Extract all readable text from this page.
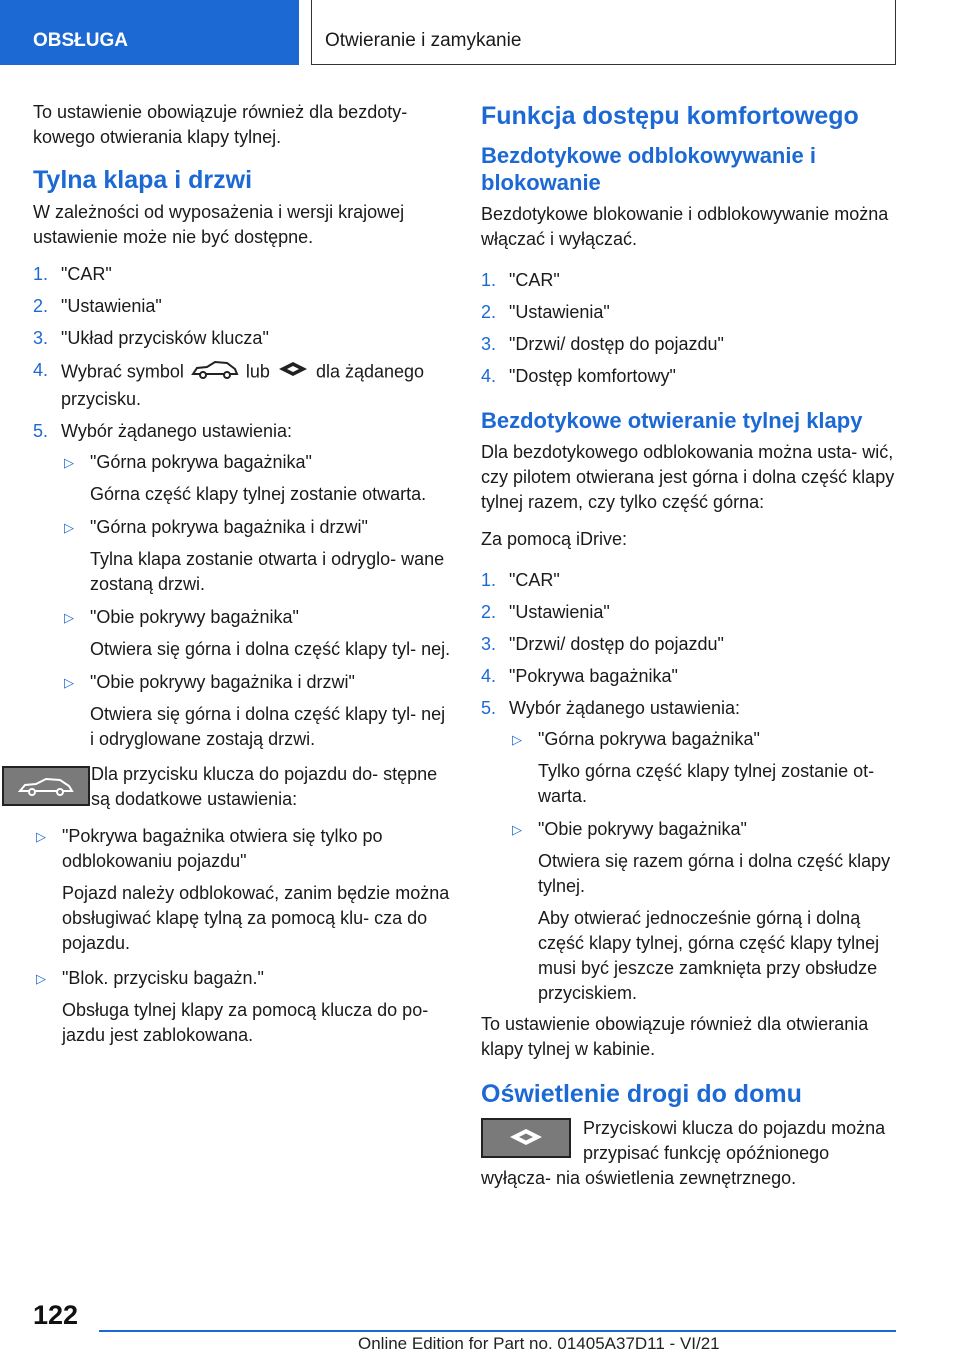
OBSŁUGA	Otwieranie i zamykanie

To ustawienie obowiązuje również dla bezdoty- kowego otwierania klapy tylnej.

Tylna klapa i drzwi

W zależności od wyposażenia i wersji krajowej ustawienie może nie być dostępne.

1. "CAR"
2. "Ustawienia"
3. "Układ przycisków klucza"
4. Wybrać symbol	lub	dla żądanego przycisku.
5. Wybór żądanego ustawienia:
▷ "Górna pokrywa bagażnika"
Górna część klapy tylnej zostanie otwarta.
▷ "Górna pokrywa bagażnika i drzwi"
Tylna klapa zostanie otwarta i odryglo- wane zostaną drzwi.
▷ "Obie pokrywy bagażnika"
Otwiera się górna i dolna część klapy tyl- nej.
▷ "Obie pokrywy bagażnika i drzwi"
Otwiera się górna i dolna część klapy tyl- nej i odryglowane zostają drzwi.

Dla przycisku klucza do pojazdu do- stępne są dodatkowe ustawienia:

▷ "Pokrywa bagażnika otwiera się tylko po odblokowaniu pojazdu"
Pojazd należy odblokować, zanim będzie można obsługiwać klapę tylną za pomocą klu- cza do pojazdu.
▷ "Blok. przycisku bagażn."
Obsługa tylnej klapy za pomocą klucza do po- jazdu jest zablokowana.
Funkcja dostępu komfortowego
Bezdotykowe odblokowywanie i blokowanie

Bezdotykowe blokowanie i odblokowywanie można włączać i wyłączać.

1. "CAR"
2. "Ustawienia"
3. "Drzwi/ dostęp do pojazdu"
4. "Dostęp komfortowy"
Bezdotykowe otwieranie tylnej klapy

Dla bezdotykowego odblokowania można usta- wić, czy pilotem otwierana jest górna i dolna część klapy tylnej razem, czy tylko część górna:

Za pomocą iDrive:

1. "CAR"
2. "Ustawienia"
3. "Drzwi/ dostęp do pojazdu"
4. "Pokrywa bagażnika"
5. Wybór żądanego ustawienia:
▷ "Górna pokrywa bagażnika"
Tylko górna część klapy tylnej zostanie ot- warta.
▷ "Obie pokrywy bagażnika"
Otwiera się razem górna i dolna część klapy tylnej.
Aby otwierać jednocześnie górną i dolną część klapy tylnej, górna część klapy tylnej musi być jeszcze zamknięta przy obsłudze przyciskiem.

To ustawienie obowiązuje również dla otwierania klapy tylnej w kabinie.

Oświetlenie drogi do domu

Przyciskowi klucza do pojazdu można przypisać funkcję opóźnionego wyłącza- nia oświetlenia zewnętrznego.

122
Online Edition for Part no. 01405A37D11 - VI/21
